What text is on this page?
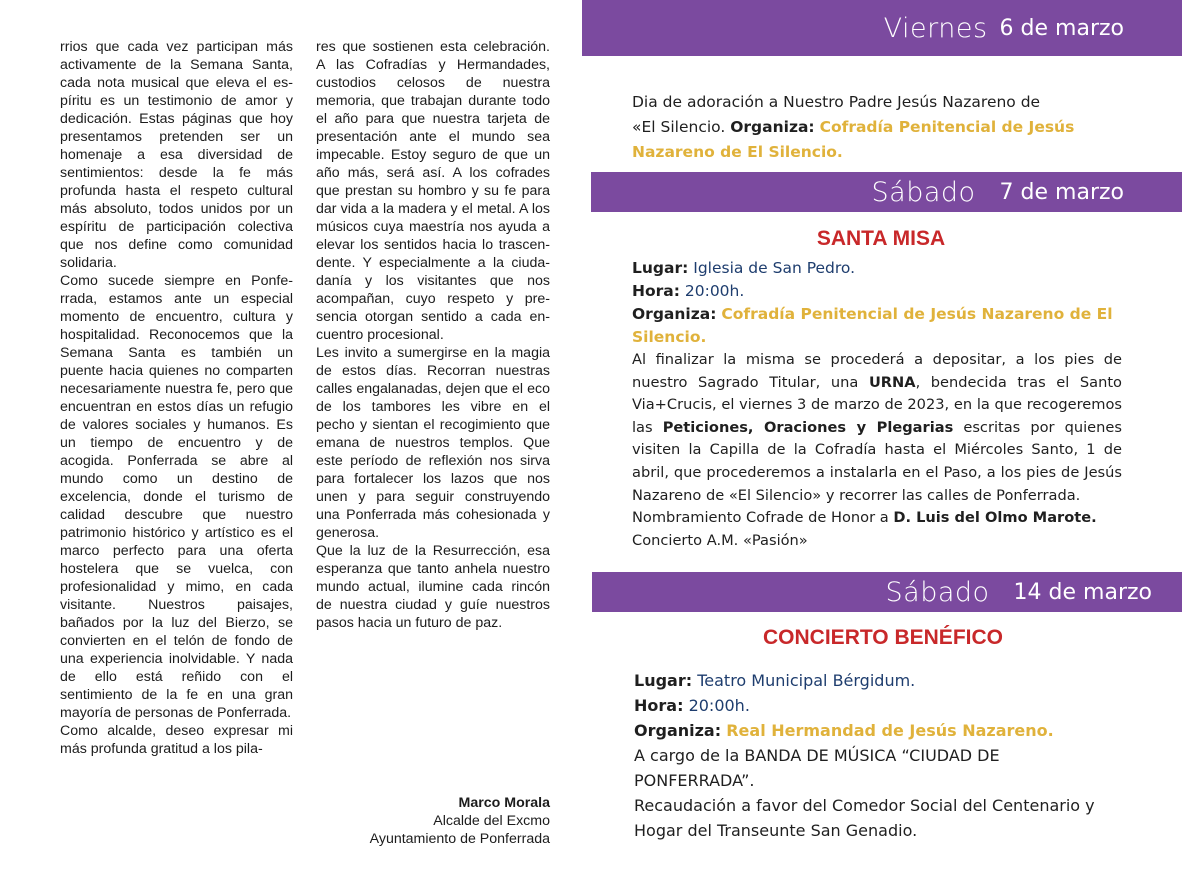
rrios que cada vez participan más activamente de la Semana Santa, cada nota musical que eleva el espíritu es un testimonio de amor y dedicación. Estas páginas que hoy presentamos pretenden ser un homenaje a esa diversidad de sentimientos: desde la fe más profunda hasta el respeto cultural más absoluto, todos unidos por un espíritu de participación colectiva que nos define como comunidad solidaria.

Como sucede siempre en Ponferrada, estamos ante un especial momento de encuentro, cultura y hospitalidad. Reconocemos que la Semana Santa es también un puente hacia quienes no comparten necesariamente nuestra fe, pero que encuentran en estos días un refugio de valores sociales y humanos. Es un tiempo de encuentro y de acogida. Ponferrada se abre al mundo como un destino de excelencia, donde el turismo de calidad descubre que nuestro patrimonio histórico y artístico es el marco perfecto para una oferta hostelera que se vuelca, con profesionalidad y mimo, en cada visitante. Nuestros paisajes, bañados por la luz del Bierzo, se convierten en el telón de fondo de una experiencia inolvidable. Y nada de ello está reñido con el sentimiento de la fe en una gran mayoría de personas de Ponferrada.

Como alcalde, deseo expresar mi más profunda gratitud a los pila-

res que sostienen esta celebración. A las Cofradías y Hermandades, custodios celosos de nuestra memoria, que trabajan durante todo el año para que nuestra tarjeta de presentación ante el mundo sea impecable. Estoy seguro de que un año más, será así. A los cofrades que prestan su hombro y su fe para dar vida a la madera y el metal. A los músicos cuya maestría nos ayuda a elevar los sentidos hacia lo trascendente. Y especialmente a la ciudadanía y los visitantes que nos acompañan, cuyo respeto y presencia otorgan sentido a cada encuentro procesional.

Les invito a sumergirse en la magia de estos días. Recorran nuestras calles engalanadas, dejen que el eco de los tambores les vibre en el pecho y sientan el recogimiento que emana de nuestros templos. Que este período de reflexión nos sirva para fortalecer los lazos que nos unen y para seguir construyendo una Ponferrada más cohesionada y generosa.

Que la luz de la Resurrección, esa esperanza que tanto anhela nuestro mundo actual, ilumine cada rincón de nuestra ciudad y guíe nuestros pasos hacia un futuro de paz.

Marco Morala
Alcalde del Excmo
Ayuntamiento de Ponferrada
Viernes 6 de marzo
Dia de adoración a Nuestro Padre Jesús Nazareno de
«El Silencio. Organiza: Cofradía Penitencial de Jesús
Nazareno de El Silencio.
Sábado 7 de marzo
SANTA MISA
Lugar: Iglesia de San Pedro.
Hora: 20:00h.
Organiza: Cofradía Penitencial de Jesús Nazareno de El
Silencio.
Al finalizar la misma se procederá a depositar, a los pies de nuestro Sagrado Titular, una URNA, bendecida tras el Santo Via+Crucis, el viernes 3 de marzo de 2023, en la que recogeremos las Peticiones, Oraciones y Plegarias escritas por quienes visiten la Capilla de la Cofradía hasta el Miércoles Santo, 1 de abril, que procederemos a instalarla en el Paso, a los pies de Jesús Nazareno de «El Silencio» y recorrer las calles de Ponferrada.
Nombramiento Cofrade de Honor a D. Luis del Olmo Marote.
Concierto A.M. «Pasión»
Sábado 14 de marzo
CONCIERTO BENÉFICO
Lugar: Teatro Municipal Bérgidum.
Hora: 20:00h.
Organiza: Real Hermandad de Jesús Nazareno.
A cargo de la BANDA DE MÚSICA “CIUDAD DE
PONFERRADA”.
Recaudación a favor del Comedor Social del Centenario y
Hogar del Transeunte San Genadio.
